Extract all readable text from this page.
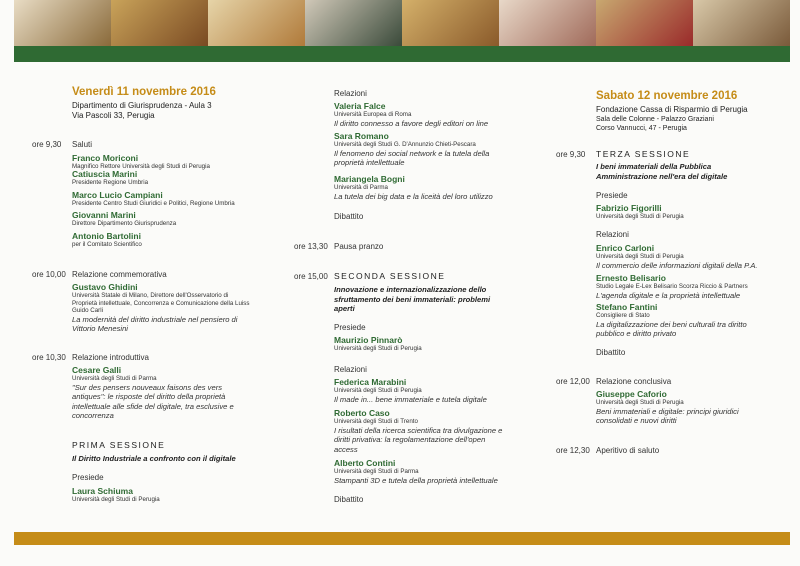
Venerdì 11 novembre 2016
Dipartimento di Giurisprudenza - Aula 3
Via Pascoli 33, Perugia
ore 9,30 Saluti
Franco Moriconi
Magnifico Rettore Università degli Studi di Perugia
Catiuscia Marini
Presidente Regione Umbria
Marco Lucio Campiani
Presidente Centro Studi Giuridici e Politici, Regione Umbria
Giovanni Marini
Direttore Dipartimento Giurisprudenza
Antonio Bartolini
per il Comitato Scientifico
ore 10,00 Relazione commemorativa
Gustavo Ghidini
Università Statale di Milano, Direttore dell'Osservatorio di
Proprietà intellettuale, Concorrenza e Comunicazione della Luiss
Guido Carli
La modernità del diritto industriale nel pensiero di
Vittorio Menesini
ore 10,30 Relazione introduttiva
Cesare Galli
Università degli Studi di Parma
"Sur des pensers nouveaux faisons des vers
antiques": le risposte del diritto della proprietà
intellettuale alle sfide del digitale, tra esclusive e
concorrenza
PRIMA SESSIONE
Il Diritto Industriale a confronto con il digitale
Presiede
Laura Schiuma
Università degli Studi di Perugia
Relazioni
Valeria Falce
Università Europea di Roma
Il diritto connesso a favore degli editori on line
Sara Romano
Università degli Studi G. D'Annunzio Chieti-Pescara
Il fenomeno dei social network e la tutela della
proprietà intellettuale
Mariangela Bogni
Università di Parma
La tutela dei big data e la liceità del loro utilizzo
Dibattito
ore 13,30 Pausa pranzo
ore 15,00 SECONDA SESSIONE
Innovazione e internazionalizzazione dello
sfruttamento dei beni immateriali: problemi
aperti
Presiede
Maurizio Pinnarò
Università degli Studi di Perugia
Relazioni
Federica Marabini
Università degli Studi di Perugia
Il made in... bene immateriale e tutela digitale
Roberto Caso
Università degli Studi di Trento
I risultati della ricerca scientifica tra divulgazione e
diritti privativa: la regolamentazione dell'open
access
Alberto Contini
Università degli Studi di Parma
Stampanti 3D e tutela della proprietà intellettuale
Dibattito
Sabato 12 novembre 2016
Fondazione Cassa di Risparmio di Perugia
Sala delle Colonne - Palazzo Graziani
Corso Vannucci, 47 - Perugia
ore 9,30 TERZA SESSIONE
I beni immateriali della Pubblica
Amministrazione nell'era del digitale
Presiede
Fabrizio Figorilli
Università degli Studi di Perugia
Relazioni
Enrico Carloni
Università degli Studi di Perugia
Il commercio delle informazioni digitali della P.A.
Ernesto Belisario
Studio Legale E-Lex Belisario Scorza Riccio & Partners
L'agenda digitale e la proprietà intellettuale
Stefano Fantini
Consigliere di Stato
La digitalizzazione dei beni culturali tra diritto
pubblico e diritto privato
Dibattito
ore 12,00 Relazione conclusiva
Giuseppe Caforio
Università degli Studi di Perugia
Beni immateriali e digitale: principi giuridici
consolidati e nuovi diritti
ore 12,30 Aperitivo di saluto
